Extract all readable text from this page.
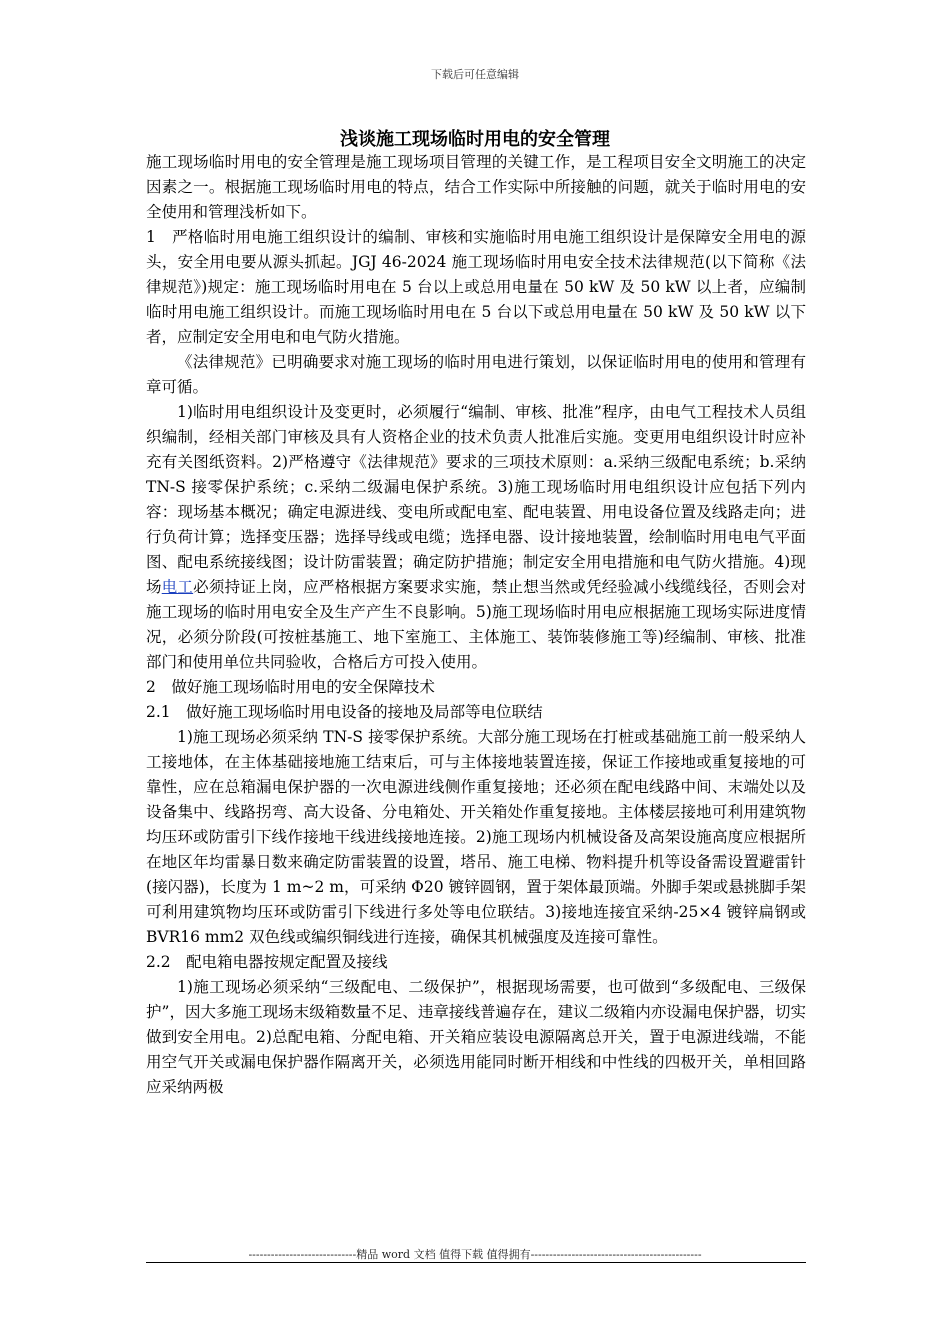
下载后可任意编辑
浅谈施工现场临时用电的安全管理

施工现场临时用电的安全管理是施工现场项目管理的关键工作，是工程项目安全文明施工的决定因素之一。根据施工现场临时用电的特点，结合工作实际中所接触的问题，就关于临时用电的安全使用和管理浅析如下。

1　严格临时用电施工组织设计的编制、审核和实施临时用电施工组织设计是保障安全用电的源头，安全用电要从源头抓起。JGJ 46-2024 施工现场临时用电安全技术法律规范(以下简称《法律规范》)规定：施工现场临时用电在 5 台以上或总用电量在 50 kW 及 50 kW 以上者，应编制临时用电施工组织设计。而施工现场临时用电在 5 台以下或总用电量在 50 kW 及 50 kW 以下者，应制定安全用电和电气防火措施。

《法律规范》已明确要求对施工现场的临时用电进行策划，以保证临时用电的使用和管理有章可循。

1)临时用电组织设计及变更时，必须履行“编制、审核、批准”程序，由电气工程技术人员组织编制，经相关部门审核及具有人资格企业的技术负责人批准后实施。变更用电组织设计时应补充有关图纸资料。2)严格遵守《法律规范》要求的三项技术原则：a.采纳三级配电系统；b.采纳 TN-S 接零保护系统；c.采纳二级漏电保护系统。3)施工现场临时用电组织设计应包括下列内容：现场基本概况；确定电源进线、变电所或配电室、配电装置、用电设备位置及线路走向；进行负荷计算；选择变压器；选择导线或电缆；选择电器、设计接地装置，绘制临时用电电气平面图、配电系统接线图；设计防雷装置；确定防护措施；制定安全用电措施和电气防火措施。4)现场电工必须持证上岗，应严格根据方案要求实施，禁止想当然或凭经验减小线缆线径，否则会对施工现场的临时用电安全及生产产生不良影响。5)施工现场临时用电应根据施工现场实际进度情况，必须分阶段(可按桩基施工、地下室施工、主体施工、装饰装修施工等)经编制、审核、批准部门和使用单位共同验收，合格后方可投入使用。

2　做好施工现场临时用电的安全保障技术

2.1　做好施工现场临时用电设备的接地及局部等电位联结

1)施工现场必须采纳 TN-S 接零保护系统。大部分施工现场在打桩或基础施工前一般采纳人工接地体，在主体基础接地施工结束后，可与主体接地装置连接，保证工作接地或重复接地的可靠性，应在总箱漏电保护器的一次电源进线侧作重复接地；还必须在配电线路中间、末端处以及设备集中、线路拐弯、高大设备、分电箱处、开关箱处作重复接地。主体楼层接地可利用建筑物均压环或防雷引下线作接地干线进线接地连接。2)施工现场内机械设备及高架设施高度应根据所在地区年均雷暴日数来确定防雷装置的设置，塔吊、施工电梯、物料提升机等设备需设置避雷针(接闪器)，长度为 1 m~2 m，可采纳 Φ20 镀锌圆钢，置于架体最顶端。外脚手架或悬挑脚手架可利用建筑物均压环或防雷引下线进行多处等电位联结。3)接地连接宜采纳-25×4 镀锌扁钢或 BVR16 mm2 双色线或编织铜线进行连接，确保其机械强度及连接可靠性。

2.2　配电箱电器按规定配置及接线

1)施工现场必须采纳“三级配电、二级保护”，根据现场需要，也可做到“多级配电、三级保护”，因大多施工现场末级箱数量不足、违章接线普遍存在，建议二级箱内亦设漏电保护器，切实做到安全用电。2)总配电箱、分配电箱、开关箱应装设电源隔离总开关，置于电源进线端，不能用空气开关或漏电保护器作隔离开关，必须选用能同时断开相线和中性线的四极开关，单相回路应采纳两极

-----------------------------精品 word 文档 值得下载 值得拥有----------------------------------------------
